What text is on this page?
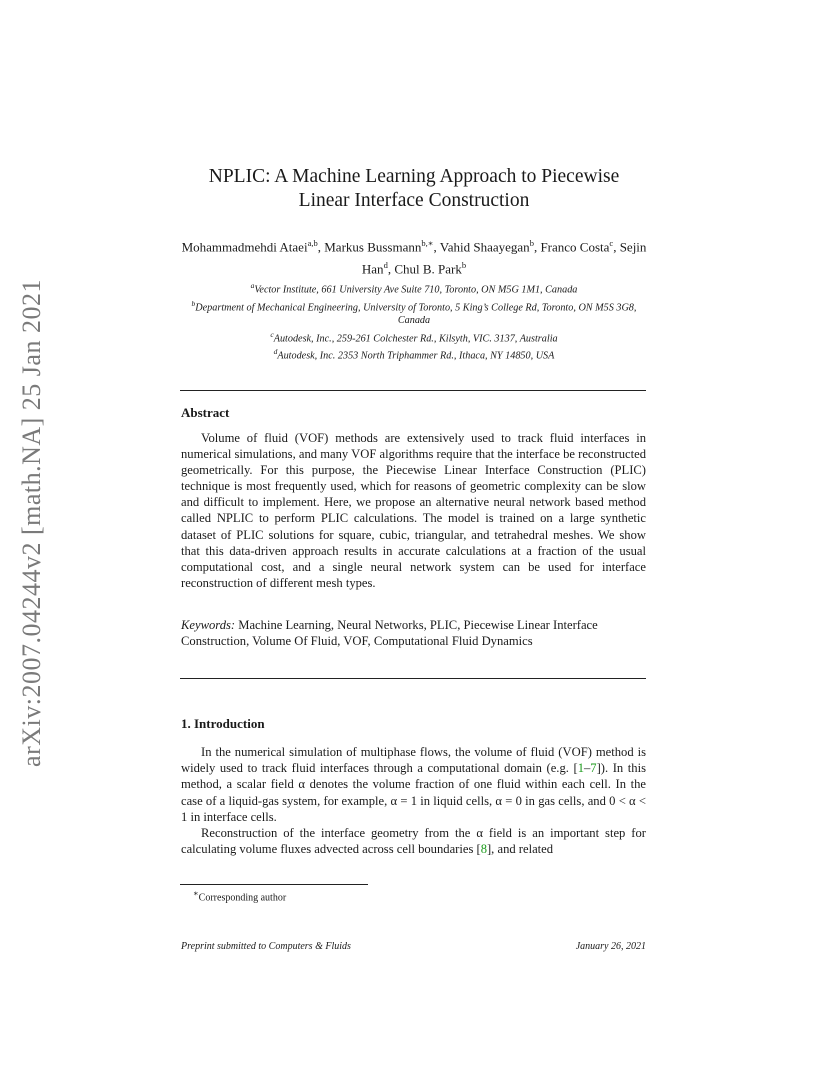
arXiv:2007.04244v2 [math.NA] 25 Jan 2021
NPLIC: A Machine Learning Approach to Piecewise
Linear Interface Construction
Mohammadmehdi Ataei$^{a,b}$, Markus Bussmann$^{b,∗}$, Vahid Shaayegan$^b$, Franco Costa$^c$, Sejin Han$^d$, Chul B. Park$^b$
$^a$Vector Institute, 661 University Ave Suite 710, Toronto, ON M5G 1M1, Canada
$^b$Department of Mechanical Engineering, University of Toronto, 5 King’s College Rd, Toronto, ON M5S 3G8, Canada
$^c$Autodesk, Inc., 259-261 Colchester Rd., Kilsyth, VIC. 3137, Australia
$^d$Autodesk, Inc. 2353 North Triphammer Rd., Ithaca, NY 14850, USA
Abstract
Volume of fluid (VOF) methods are extensively used to track fluid interfaces in numerical simulations, and many VOF algorithms require that the interface be reconstructed geometrically. For this purpose, the Piecewise Linear Interface Construction (PLIC) technique is most frequently used, which for reasons of geometric complexity can be slow and difficult to implement. Here, we propose an alternative neural network based method called NPLIC to perform PLIC calculations. The model is trained on a large synthetic dataset of PLIC solutions for square, cubic, triangular, and tetrahedral meshes. We show that this data-driven approach results in accurate calculations at a fraction of the usual computational cost, and a single neural network system can be used for interface reconstruction of different mesh types.
Keywords: Machine Learning, Neural Networks, PLIC, Piecewise Linear Interface Construction, Volume Of Fluid, VOF, Computational Fluid Dynamics
1. Introduction

In the numerical simulation of multiphase flows, the volume of fluid (VOF) method is widely used to track fluid interfaces through a computational domain (e.g. [1–7]). In this method, a scalar field α denotes the volume fraction of one fluid within each cell. In the case of a liquid-gas system, for example, α = 1 in liquid cells, α = 0 in gas cells, and 0 < α < 1 in interface cells.

Reconstruction of the interface geometry from the α field is an important step for calculating volume fluxes advected across cell boundaries [8], and related

∗Corresponding author
Preprint submitted to Computers & Fluids	January 26, 2021
